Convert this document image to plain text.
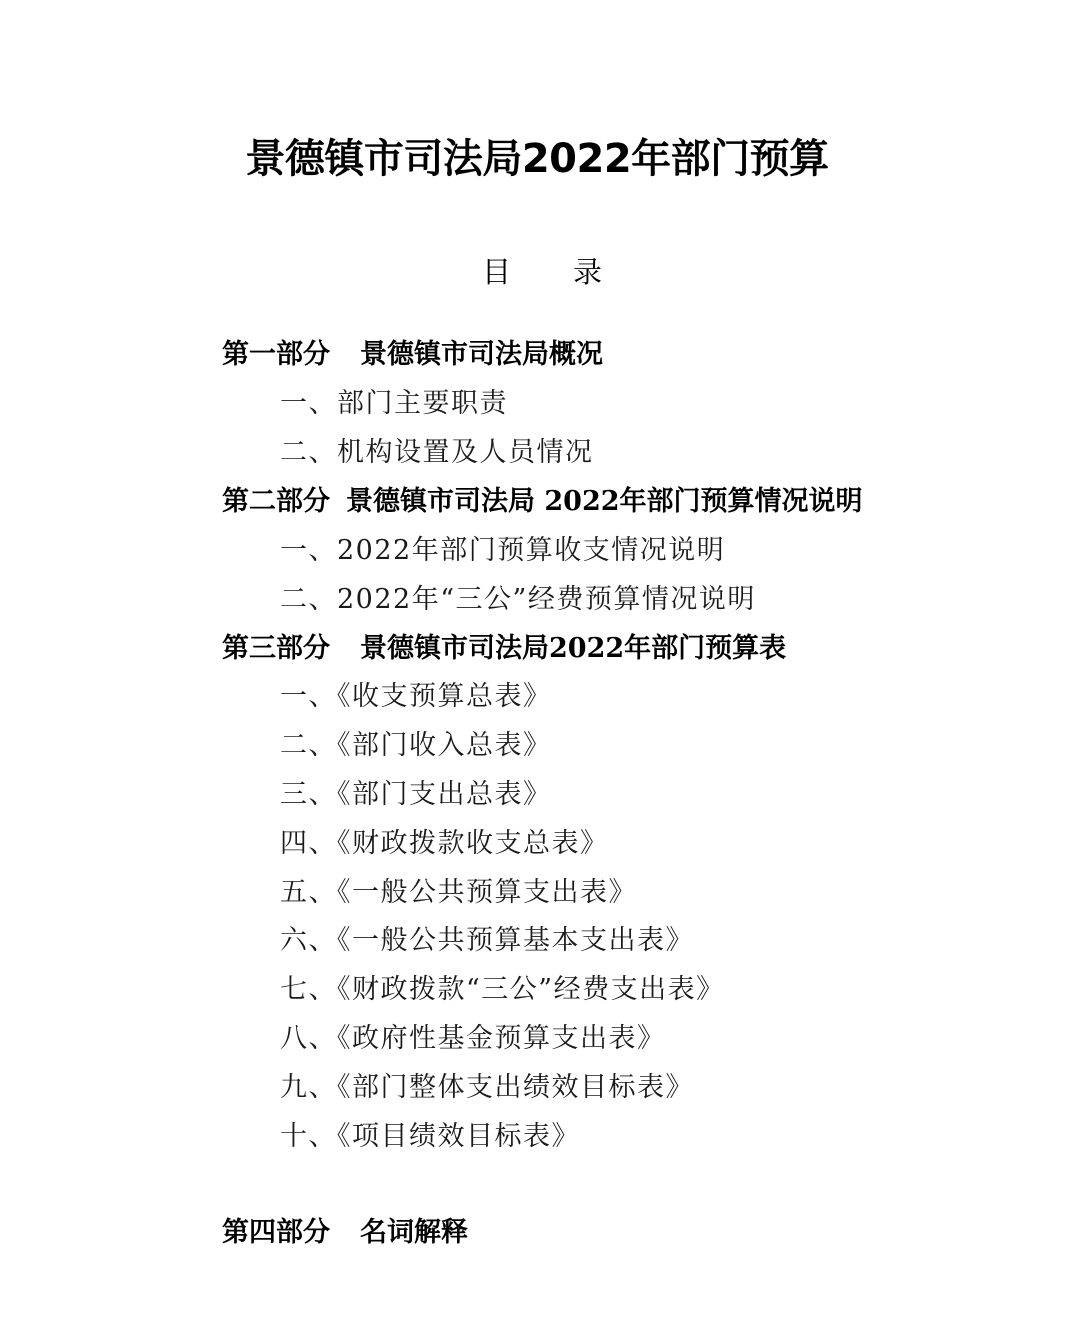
景德镇市司法局2022年部门预算
目 录
第一部分 景德镇市司法局概况
一、部门主要职责
二、机构设置及人员情况
第二部分 景德镇市司法局 2022年部门预算情况说明
一、2022年部门预算收支情况说明
二、2022年“三公”经费预算情况说明
第三部分 景德镇市司法局2022年部门预算表
一、《收支预算总表》
二、《部门收入总表》
三、《部门支出总表》
四、《财政拨款收支总表》
五、《一般公共预算支出表》
六、《一般公共预算基本支出表》
七、《财政拨款“三公”经费支出表》
八、《政府性基金预算支出表》
九、《部门整体支出绩效目标表》
十、《项目绩效目标表》
第四部分 名词解释
